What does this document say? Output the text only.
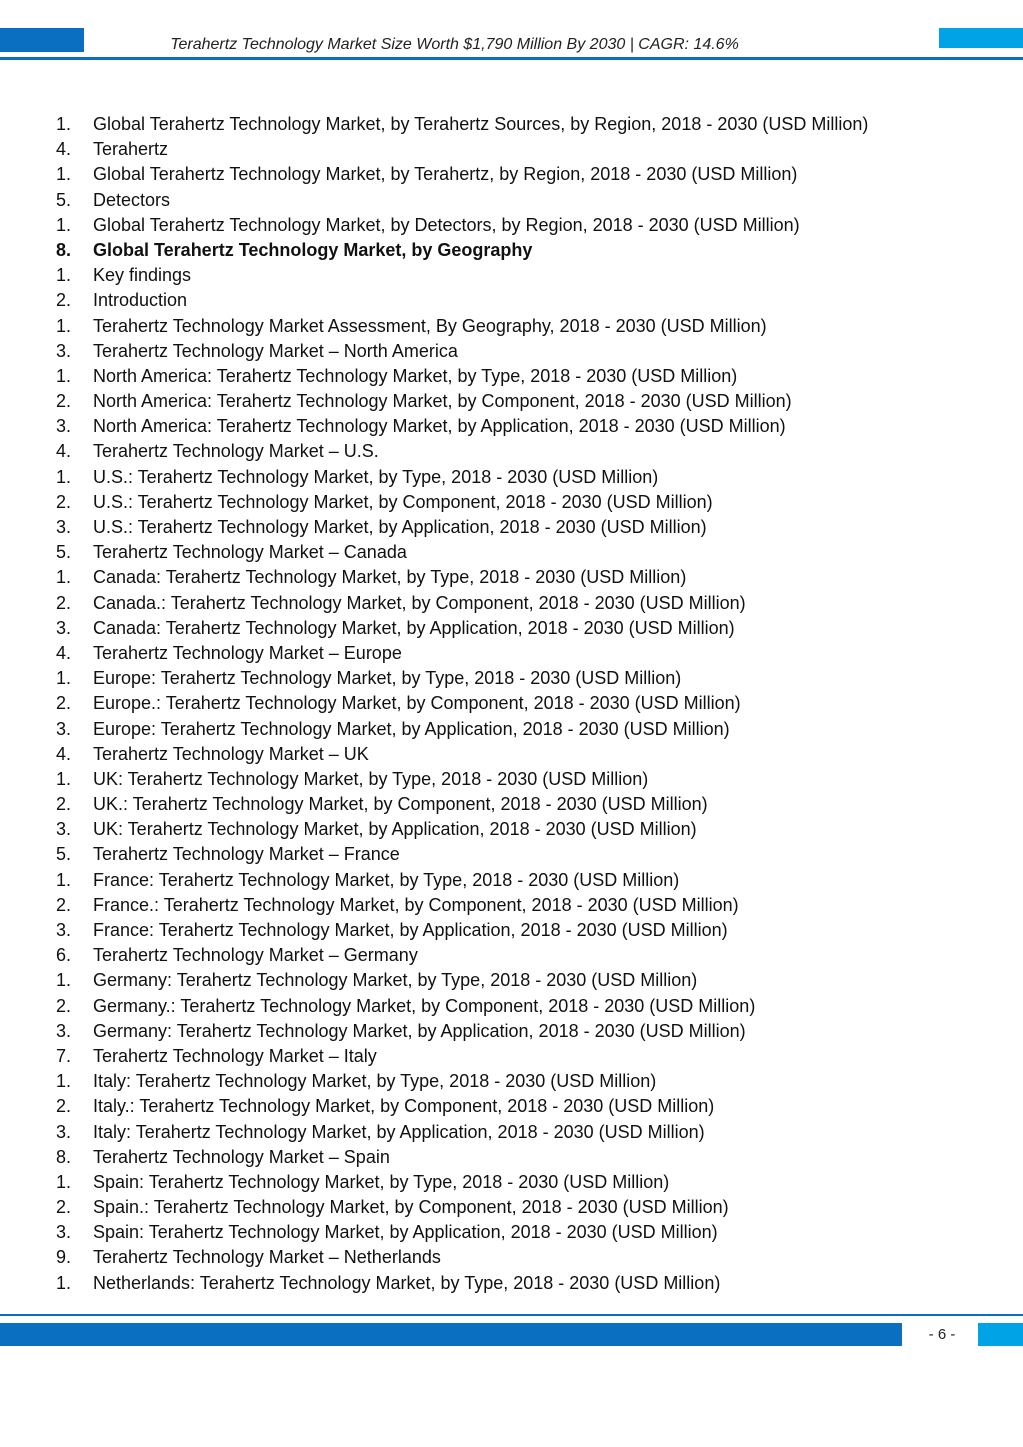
Terahertz Technology Market Size Worth $1,790 Million By 2030 | CAGR: 14.6%
1.	Global Terahertz Technology Market, by Terahertz Sources, by Region, 2018 - 2030 (USD Million)
4.	Terahertz
1.	Global Terahertz Technology Market, by Terahertz, by Region, 2018 - 2030 (USD Million)
5.	Detectors
1.	Global Terahertz Technology Market, by Detectors, by Region, 2018 - 2030 (USD Million)
8.	Global Terahertz Technology Market, by Geography
1.	Key findings
2.	Introduction
1.	Terahertz Technology Market Assessment, By Geography, 2018 - 2030 (USD Million)
3.	Terahertz Technology Market – North America
1.	North America: Terahertz Technology Market, by Type, 2018 - 2030 (USD Million)
2.	North America: Terahertz Technology Market, by Component, 2018 - 2030 (USD Million)
3.	North America: Terahertz Technology Market, by Application, 2018 - 2030 (USD Million)
4.	Terahertz Technology Market – U.S.
1.	U.S.: Terahertz Technology Market, by Type, 2018 - 2030 (USD Million)
2.	U.S.: Terahertz Technology Market, by Component, 2018 - 2030 (USD Million)
3.	U.S.: Terahertz Technology Market, by Application, 2018 - 2030 (USD Million)
5.	Terahertz Technology Market – Canada
1.	Canada: Terahertz Technology Market, by Type, 2018 - 2030 (USD Million)
2.	Canada.: Terahertz Technology Market, by Component, 2018 - 2030 (USD Million)
3.	Canada: Terahertz Technology Market, by Application, 2018 - 2030 (USD Million)
4.	Terahertz Technology Market – Europe
1.	Europe: Terahertz Technology Market, by Type, 2018 - 2030 (USD Million)
2.	Europe.: Terahertz Technology Market, by Component, 2018 - 2030 (USD Million)
3.	Europe: Terahertz Technology Market, by Application, 2018 - 2030 (USD Million)
4.	Terahertz Technology Market – UK
1.	UK: Terahertz Technology Market, by Type, 2018 - 2030 (USD Million)
2.	UK.: Terahertz Technology Market, by Component, 2018 - 2030 (USD Million)
3.	UK: Terahertz Technology Market, by Application, 2018 - 2030 (USD Million)
5.	Terahertz Technology Market – France
1.	France: Terahertz Technology Market, by Type, 2018 - 2030 (USD Million)
2.	France.: Terahertz Technology Market, by Component, 2018 - 2030 (USD Million)
3.	France: Terahertz Technology Market, by Application, 2018 - 2030 (USD Million)
6.	Terahertz Technology Market – Germany
1.	Germany: Terahertz Technology Market, by Type, 2018 - 2030 (USD Million)
2.	Germany.: Terahertz Technology Market, by Component, 2018 - 2030 (USD Million)
3.	Germany: Terahertz Technology Market, by Application, 2018 - 2030 (USD Million)
7.	Terahertz Technology Market – Italy
1.	Italy: Terahertz Technology Market, by Type, 2018 - 2030 (USD Million)
2.	Italy.: Terahertz Technology Market, by Component, 2018 - 2030 (USD Million)
3.	Italy: Terahertz Technology Market, by Application, 2018 - 2030 (USD Million)
8.	Terahertz Technology Market – Spain
1.	Spain: Terahertz Technology Market, by Type, 2018 - 2030 (USD Million)
2.	Spain.: Terahertz Technology Market, by Component, 2018 - 2030 (USD Million)
3.	Spain: Terahertz Technology Market, by Application, 2018 - 2030 (USD Million)
9.	Terahertz Technology Market – Netherlands
1.	Netherlands: Terahertz Technology Market, by Type, 2018 - 2030 (USD Million)
- 6 -
